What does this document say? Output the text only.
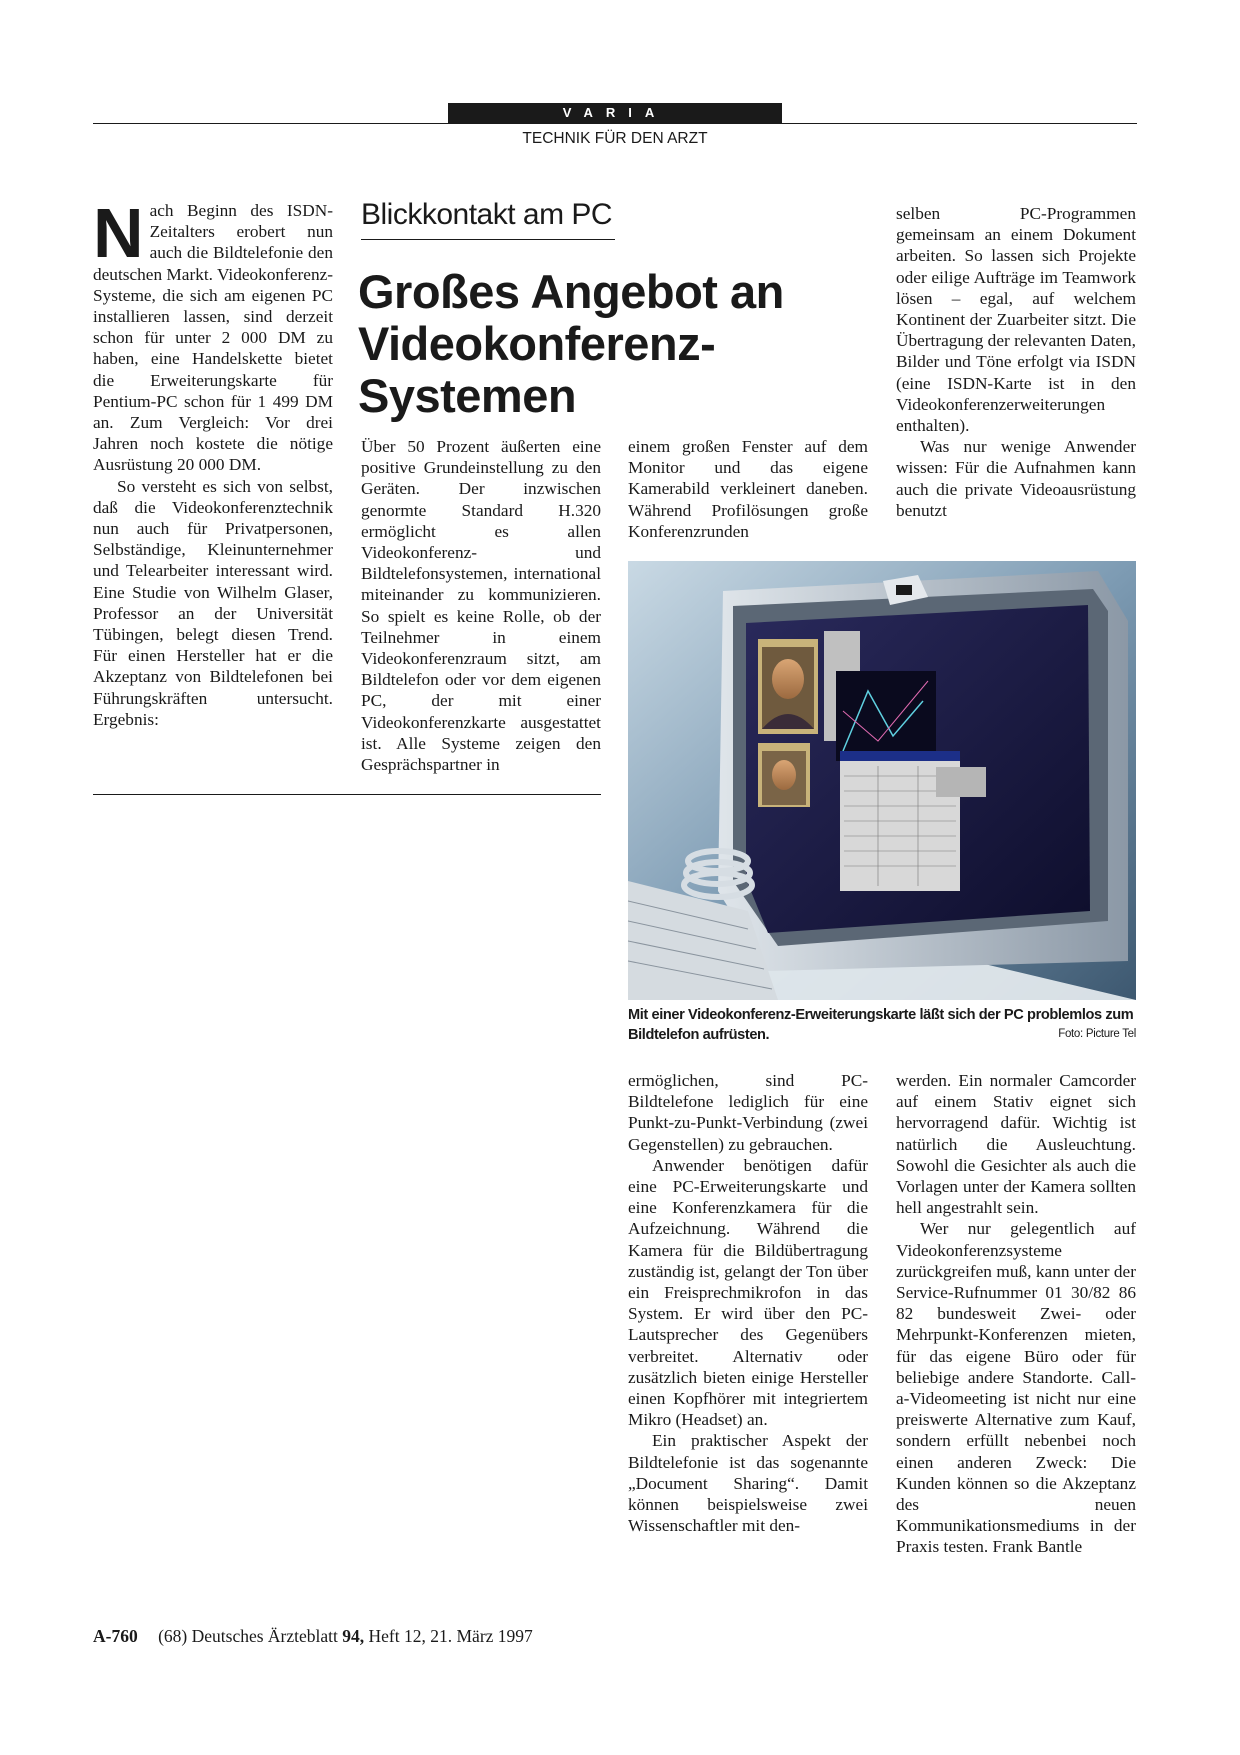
VARIA
TECHNIK FÜR DEN ARZT

Nach Beginn des ISDN-Zeitalters erobert nun auch die Bildtelefonie den deutschen Markt. Videokonferenz-Systeme, die sich am eigenen PC installieren lassen, sind derzeit schon für unter 2 000 DM zu haben, eine Handelskette bietet die Erweiterungskarte für Pentium-PC schon für 1 499 DM an. Zum Vergleich: Vor drei Jahren noch kostete die nötige Ausrüstung 20 000 DM.

So versteht es sich von selbst, daß die Videokonferenztechnik nun auch für Privatpersonen, Selbständige, Kleinunternehmer und Telearbeiter interessant wird. Eine Studie von Wilhelm Glaser, Professor an der Universität Tübingen, belegt diesen Trend. Für einen Hersteller hat er die Akzeptanz von Bildtelefonen bei Führungskräften untersucht. Ergebnis:

Blickkontakt am PC
Großes Angebot an Videokonferenz-Systemen

Über 50 Prozent äußerten eine positive Grundeinstellung zu den Geräten. Der inzwischen genormte Standard H.320 ermöglicht es allen Videokonferenz- und Bildtelefonsystemen, international miteinander zu kommunizieren. So spielt es keine Rolle, ob der Teilnehmer in einem Videokonferenzraum sitzt, am Bildtelefon oder vor dem eigenen PC, der mit einer Videokonferenzkarte ausgestattet ist. Alle Systeme zeigen den Gesprächspartner in

einem großen Fenster auf dem Monitor und das eigene Kamerabild verkleinert daneben. Während Profilösungen große Konferenzrunden

selben PC-Programmen gemeinsam an einem Dokument arbeiten. So lassen sich Projekte oder eilige Aufträge im Teamwork lösen – egal, auf welchem Kontinent der Zuarbeiter sitzt. Die Übertragung der relevanten Daten, Bilder und Töne erfolgt via ISDN (eine ISDN-Karte ist in den Videokonferenzerweiterungen enthalten).

Was nur wenige Anwender wissen: Für die Aufnahmen kann auch die private Videoausrüstung benutzt

Mit einer Videokonferenz-Erweiterungskarte läßt sich der PC problemlos zum Bildtelefon aufrüsten.	Foto: Picture Tel

ermöglichen, sind PC-Bildtelefone lediglich für eine Punkt-zu-Punkt-Verbindung (zwei Gegenstellen) zu gebrauchen.

Anwender benötigen dafür eine PC-Erweiterungskarte und eine Konferenzkamera für die Aufzeichnung. Während die Kamera für die Bildübertragung zuständig ist, gelangt der Ton über ein Freisprechmikrofon in das System. Er wird über den PC-Lautsprecher des Gegenübers verbreitet. Alternativ oder zusätzlich bieten einige Hersteller einen Kopfhörer mit integriertem Mikro (Headset) an.

Ein praktischer Aspekt der Bildtelefonie ist das sogenannte „Document Sharing“. Damit können beispielsweise zwei Wissenschaftler mit den-

werden. Ein normaler Camcorder auf einem Stativ eignet sich hervorragend dafür. Wichtig ist natürlich die Ausleuchtung. Sowohl die Gesichter als auch die Vorlagen unter der Kamera sollten hell angestrahlt sein.

Wer nur gelegentlich auf Videokonferenzsysteme zurückgreifen muß, kann unter der Service-Rufnummer 01 30/82 86 82 bundesweit Zwei- oder Mehrpunkt-Konferenzen mieten, für das eigene Büro oder für beliebige andere Standorte. Call-a-Videomeeting ist nicht nur eine preiswerte Alternative zum Kauf, sondern erfüllt nebenbei noch einen anderen Zweck: Die Kunden können so die Akzeptanz des neuen Kommunikationsmediums in der Praxis testen. Frank Bantle

A-760 (68) Deutsches Ärzteblatt 94, Heft 12, 21. März 1997
